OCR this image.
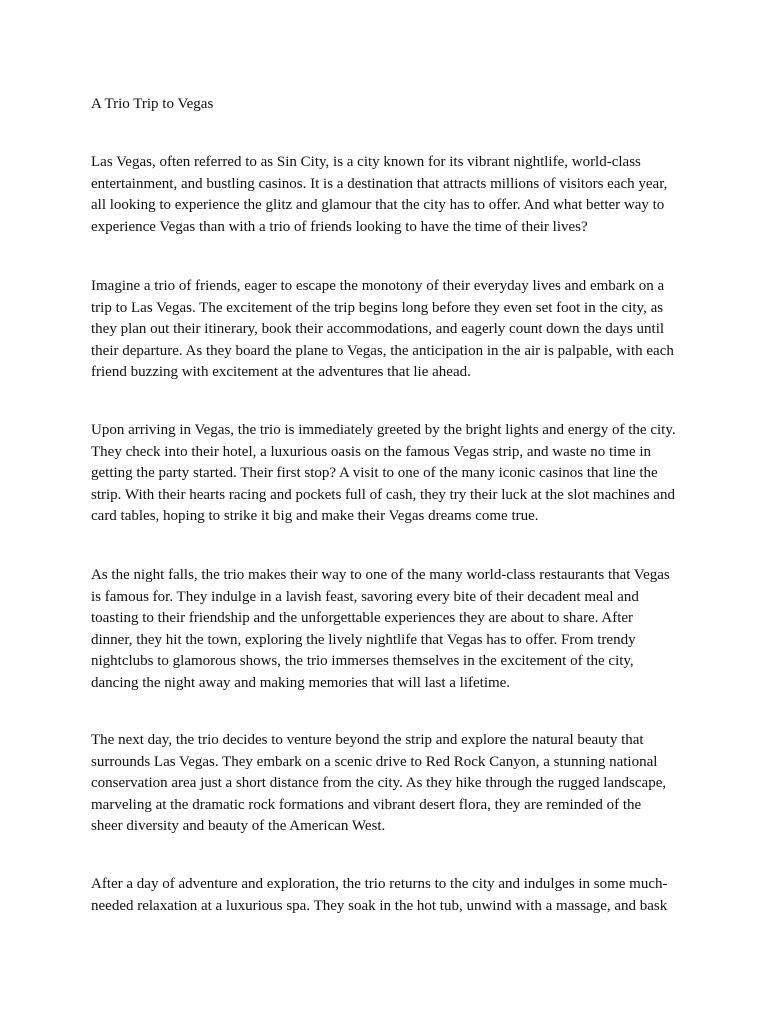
A Trio Trip to Vegas

Las Vegas, often referred to as Sin City, is a city known for its vibrant nightlife, world-class
entertainment, and bustling casinos. It is a destination that attracts millions of visitors each year,
all looking to experience the glitz and glamour that the city has to offer. And what better way to
experience Vegas than with a trio of friends looking to have the time of their lives?

Imagine a trio of friends, eager to escape the monotony of their everyday lives and embark on a
trip to Las Vegas. The excitement of the trip begins long before they even set foot in the city, as
they plan out their itinerary, book their accommodations, and eagerly count down the days until
their departure. As they board the plane to Vegas, the anticipation in the air is palpable, with each
friend buzzing with excitement at the adventures that lie ahead.

Upon arriving in Vegas, the trio is immediately greeted by the bright lights and energy of the city.
They check into their hotel, a luxurious oasis on the famous Vegas strip, and waste no time in
getting the party started. Their first stop? A visit to one of the many iconic casinos that line the
strip. With their hearts racing and pockets full of cash, they try their luck at the slot machines and
card tables, hoping to strike it big and make their Vegas dreams come true.

As the night falls, the trio makes their way to one of the many world-class restaurants that Vegas
is famous for. They indulge in a lavish feast, savoring every bite of their decadent meal and
toasting to their friendship and the unforgettable experiences they are about to share. After
dinner, they hit the town, exploring the lively nightlife that Vegas has to offer. From trendy
nightclubs to glamorous shows, the trio immerses themselves in the excitement of the city,
dancing the night away and making memories that will last a lifetime.

The next day, the trio decides to venture beyond the strip and explore the natural beauty that
surrounds Las Vegas. They embark on a scenic drive to Red Rock Canyon, a stunning national
conservation area just a short distance from the city. As they hike through the rugged landscape,
marveling at the dramatic rock formations and vibrant desert flora, they are reminded of the
sheer diversity and beauty of the American West.

After a day of adventure and exploration, the trio returns to the city and indulges in some much-
needed relaxation at a luxurious spa. They soak in the hot tub, unwind with a massage, and bask
